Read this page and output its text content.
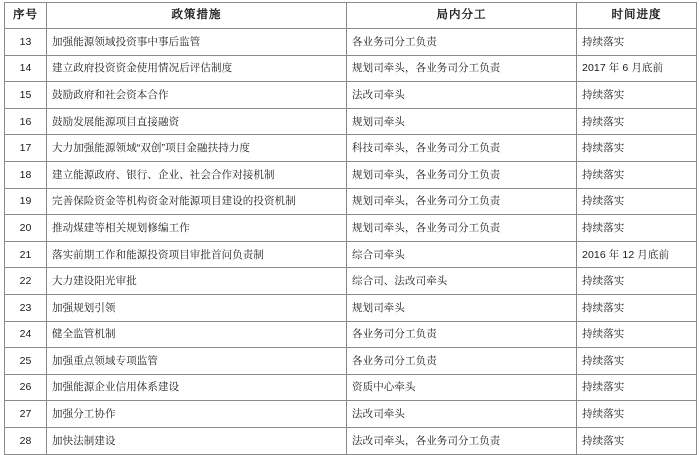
序号	政策措施	局内分工	时间进度
13	加强能源领域投资事中事后监管	各业务司分工负责	持续落实
14	建立政府投资资金使用情况后评估制度	规划司牵头，各业务司分工负责	2017 年 6 月底前
15	鼓励政府和社会资本合作	法改司牵头	持续落实
16	鼓励发展能源项目直接融资	规划司牵头	持续落实
17	大力加强能源领域“双创”项目金融扶持力度	科技司牵头，各业务司分工负责	持续落实
18	建立能源政府、银行、企业、社会合作对接机制	规划司牵头，各业务司分工负责	持续落实
19	完善保险资金等机构资金对能源项目建设的投资机制	规划司牵头，各业务司分工负责	持续落实
20	推动煤建等相关规划修编工作	规划司牵头，各业务司分工负责	持续落实
21	落实前期工作和能源投资项目审批首问负责制	综合司牵头	2016 年 12 月底前
22	大力建设阳光审批	综合司、法改司牵头	持续落实
23	加强规划引领	规划司牵头	持续落实
24	健全监管机制	各业务司分工负责	持续落实
25	加强重点领域专项监管	各业务司分工负责	持续落实
26	加强能源企业信用体系建设	资质中心牵头	持续落实
27	加强分工协作	法改司牵头	持续落实
28	加快法制建设	法改司牵头，各业务司分工负责	持续落实
